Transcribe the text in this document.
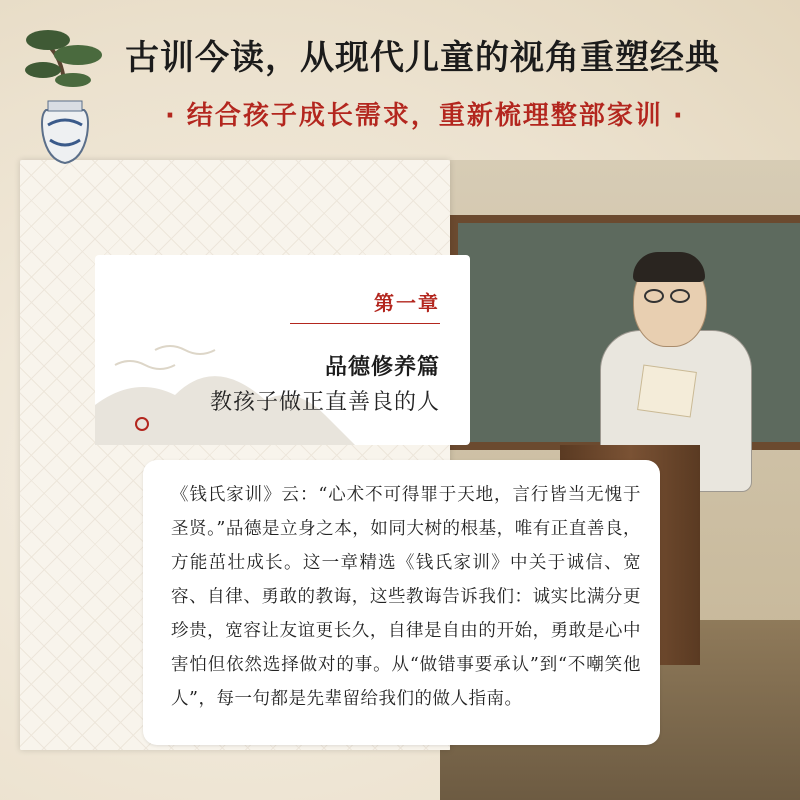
古训今读，从现代儿童的视角重塑经典
· 结合孩子成长需求，重新梳理整部家训 ·
第一章
品德修养篇
教孩子做正直善良的人
《钱氏家训》云：“心术不可得罪于天地，言行皆当无愧于圣贤。”品德是立身之本，如同大树的根基，唯有正直善良，方能茁壮成长。这一章精选《钱氏家训》中关于诚信、宽容、自律、勇敢的教诲，这些教诲告诉我们：诚实比满分更珍贵，宽容让友谊更长久，自律是自由的开始，勇敢是心中害怕但依然选择做对的事。从“做错事要承认”到“不嘲笑他人”，每一句都是先辈留给我们的做人指南。
